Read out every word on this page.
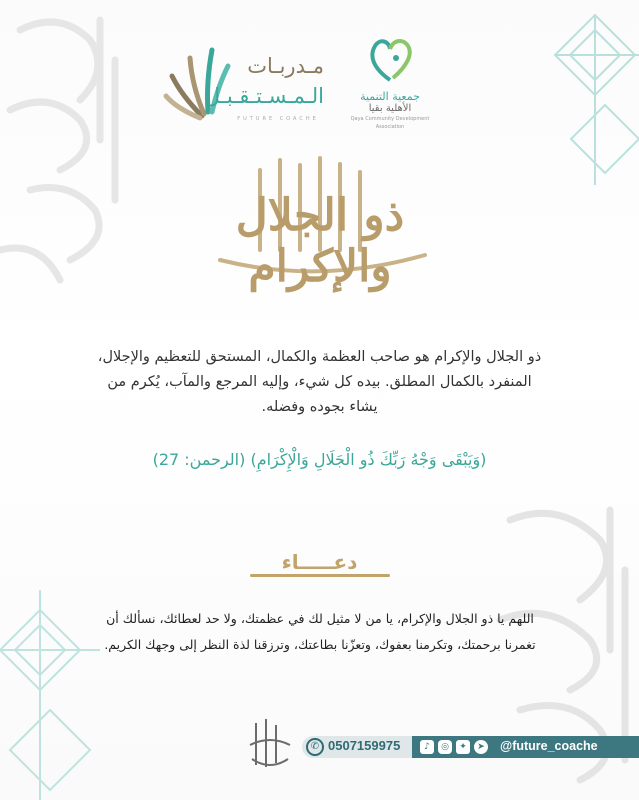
جمعية التنمية
الأهلية بقيا
Qaya Community Development Association
مـدربـات
الـمـسـتـقـبـل
FUTURE COACHE
ذو الجلال والإكرام
ذو الجلال والإكرام هو صاحب العظمة والكمال، المستحق للتعظيم والإجلال، المنفرد بالكمال المطلق. بيده كل شيء، وإليه المرجع والمآب، يُكرم من يشاء بجوده وفضله.
(وَيَبْقَى وَجْهُ رَبِّكَ ذُو الْجَلَالِ وَالْإِكْرَامِ) (الرحمن: 27)
دعـــــاء
اللهم يا ذو الجلال والإكرام، يا من لا مثيل لك في عظمتك، ولا حد لعطائك، نسألك أن تغمرنا برحمتك، وتكرمنا بعفوك، وتعزّنا بطاعتك، وترزقنا لذة النظر إلى وجهك الكريم.
✆ 0507159975	♪	◎	✦	➤ @future_coache
